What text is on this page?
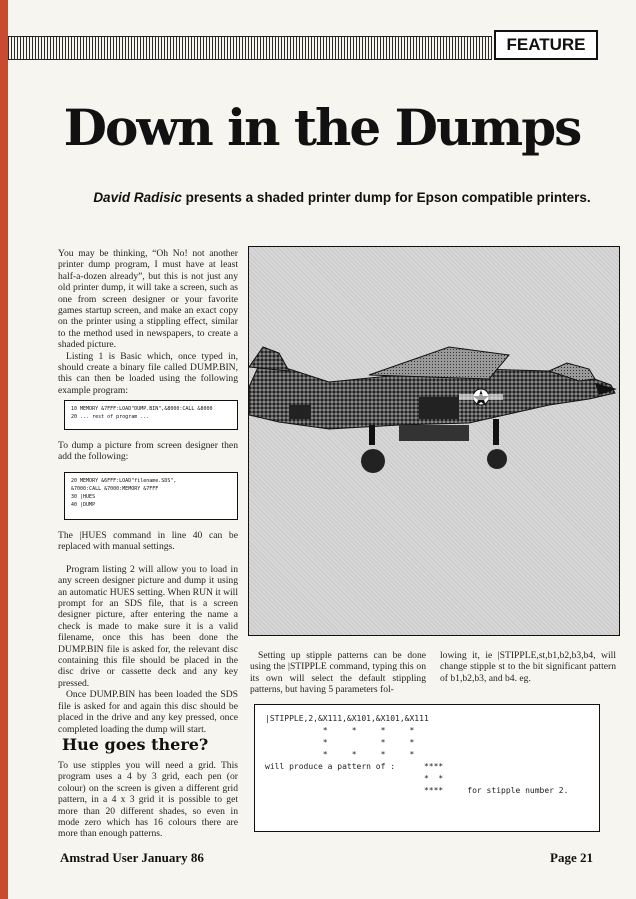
FEATURE
Down in the Dumps
David Radisic presents a shaded printer dump for Epson compatible printers.

You may be thinking, “Oh No! not another printer dump program, I must have at least half-a-dozen already”, but this is not just any old printer dump, it will take a screen, such as one from screen designer or your favorite games startup screen, and make an exact copy on the printer using a stippling effect, similar to the method used in newspapers, to create a shaded picture.

Listing 1 is Basic which, once typed in, should create a binary file called DUMP.BIN, this can then be loaded using the following example program:

10 MEMORY &7FFF:LOAD"DUMP.BIN",&8000:CALL &8000
20 ... rest of program ...

To dump a picture from screen designer then add the following:

20 MEMORY &6FFF:LOAD"filename.SDS",
&7000:CALL &7000:MEMORY &7FFF
30 |HUES
40 |DUMP

The |HUES command in line 40 can be replaced with manual settings.

Program listing 2 will allow you to load in any screen designer picture and dump it using an automatic HUES setting. When RUN it will prompt for an SDS file, that is a screen designer picture, after entering the name a check is made to make sure it is a valid filename, once this has been done the DUMP.BIN file is asked for, the relevant disc containing this file should be placed in the disc drive or cassette deck and any key pressed.

Once DUMP.BIN has been loaded the SDS file is asked for and again this disc should be placed in the drive and any key pressed, once completed loading the dump will start.

Hue goes there?

To use stipples you will need a grid. This program uses a 4 by 3 grid, each pen (or colour) on the screen is given a different grid pattern, in a 4 x 3 grid it is possible to get more than 20 different shades, so even in mode zero which has 16 colours there are more than enough patterns.

Setting up stipple patterns can be done using the |STIPPLE command, typing this on its own will select the default stippling patterns, but having 5 parameters fol-

lowing it, ie |STIPPLE,st,b1,b2,b3,b4, will change stipple st to the bit significant pattern of b1,b2,b3, and b4. eg.

|STIPPLE,2,&X111,&X101,&X101,&X111
*     *     *     *
*           *     *
*     *     *     *
will produce a pattern of :      ****
*  *
****     for stipple number 2.
Amstrad User January 86	Page 21
